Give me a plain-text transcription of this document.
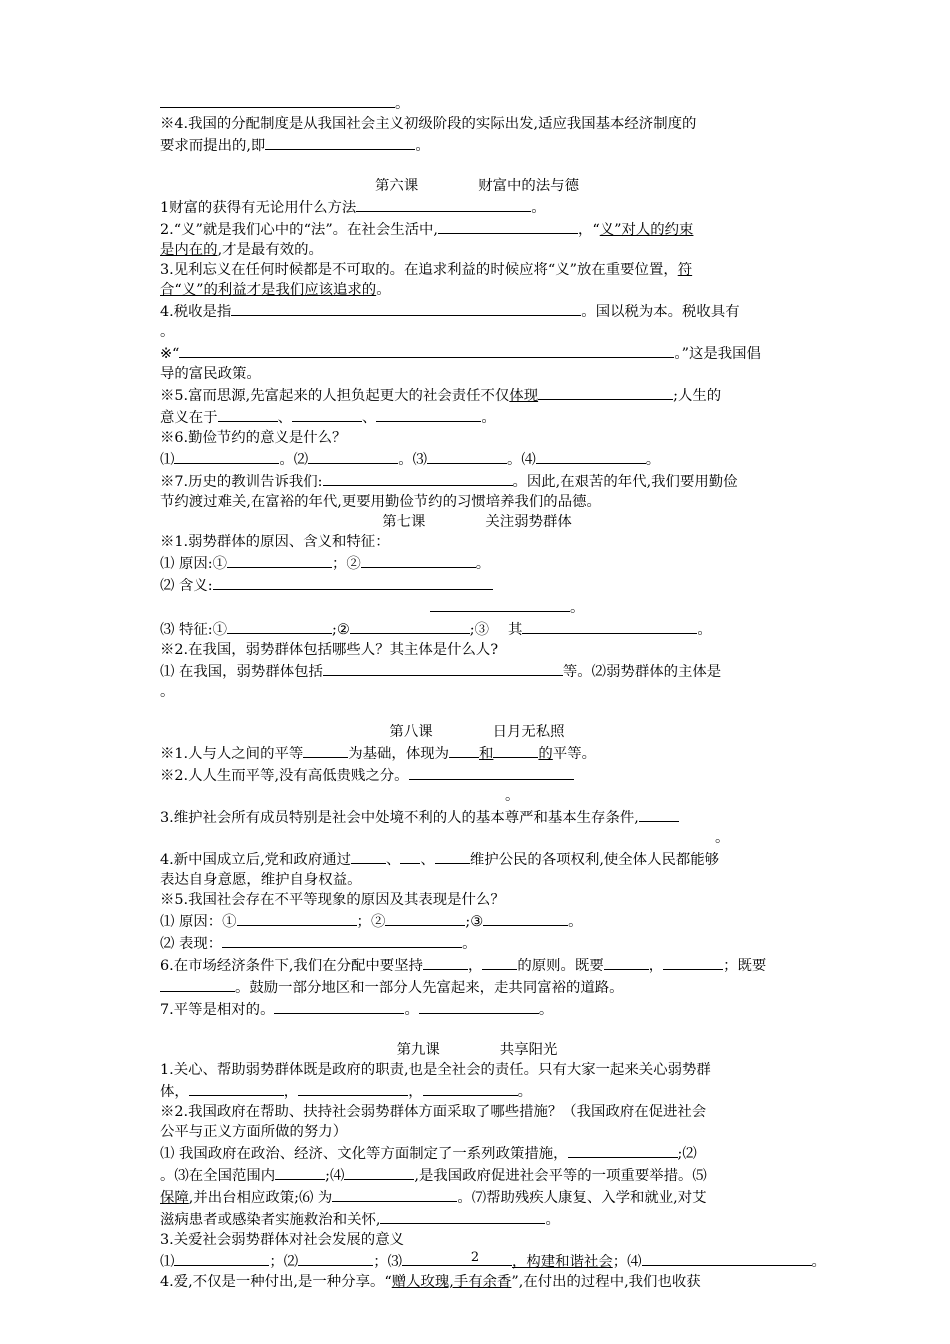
。
※4.我国的分配制度是从我国社会主义初级阶段的实际出发,适应我国基本经济制度的
要求而提出的,即	。
第六课	财富中的法与德
1财富的获得有无论用什么方法	。
2.“义”就是我们心中的“法”。在社会生活中,	，“义”对人的约束
是内在的,才是最有效的。
3.见利忘义在任何时候都是不可取的。在追求利益的时候应将“义”放在重要位置，符
合“义”的利益才是我们应该追求的。
4.税收是指	。国以税为本。税收具有
。
※“	。”这是我国倡
导的富民政策。
※5.富而思源,先富起来的人担负起更大的社会责任不仅体现	;人生的
意义在于	、	、	。
※6.勤俭节约的意义是什么？
⑴	。⑵	。⑶	。⑷	。
※7.历史的教训告诉我们:	。因此,在艰苦的年代,我们要用勤俭
节约渡过难关,在富裕的年代,更要用勤俭节约的习惯培养我们的品德。
第七课	关注弱势群体
※1.弱势群体的原因、含义和特征：
⑴ 原因:①	；②	。
⑵ 含义:
。
⑶ 特征:①	;②	;③　 其	。
※2.在我国，弱势群体包括哪些人？其主体是什么人?
⑴ 在我国，弱势群体包括	等。⑵弱势群体的主体是
。
第八课	日月无私照
※1.人与人之间的平等	为基础，体现为 和	的平等。
※2.人人生而平等,没有高低贵贱之分。
。
3.维护社会所有成员特别是社会中处境不利的人的基本尊严和基本生存条件,
。
4.新中国成立后,党和政府通过 、 、 维护公民的各项权利,使全体人民都能够
表达自身意愿，维护自身权益。
※5.我国社会存在不平等现象的原因及其表现是什么？
⑴ 原因：①	；②	;③	。
⑵ 表现：	。
6.在市场经济条件下,我们在分配中要坚持	， 的原则。既要	，	；既要
。鼓励一部分地区和一部分人先富起来，走共同富裕的道路。
7.平等是相对的。	。	。
第九课	共享阳光
1.关心、帮助弱势群体既是政府的职责,也是全社会的责任。只有大家一起来关心弱势群
体，	，	，	。
※2.我国政府在帮助、扶持社会弱势群体方面采取了哪些措施？（我国政府在促进社会
公平与正义方面所做的努力）
⑴ 我国政府在政治、经济、文化等方面制定了一系列政策措施，	;⑵
。⑶在全国范围内	;⑷	,是我国政府促进社会平等的一项重要举措。⑸
保障,并出台相应政策;⑹ 为	。⑺帮助残疾人康复、入学和就业,对艾
滋病患者或感染者实施救治和关怀,	。
3.关爱社会弱势群体对社会发展的意义
⑴	；⑵	；⑶	，构建和谐社会；⑷	。
4.爱,不仅是一种付出,是一种分享。“赠人玫瑰,手有余香”,在付出的过程中,我们也收获
2
